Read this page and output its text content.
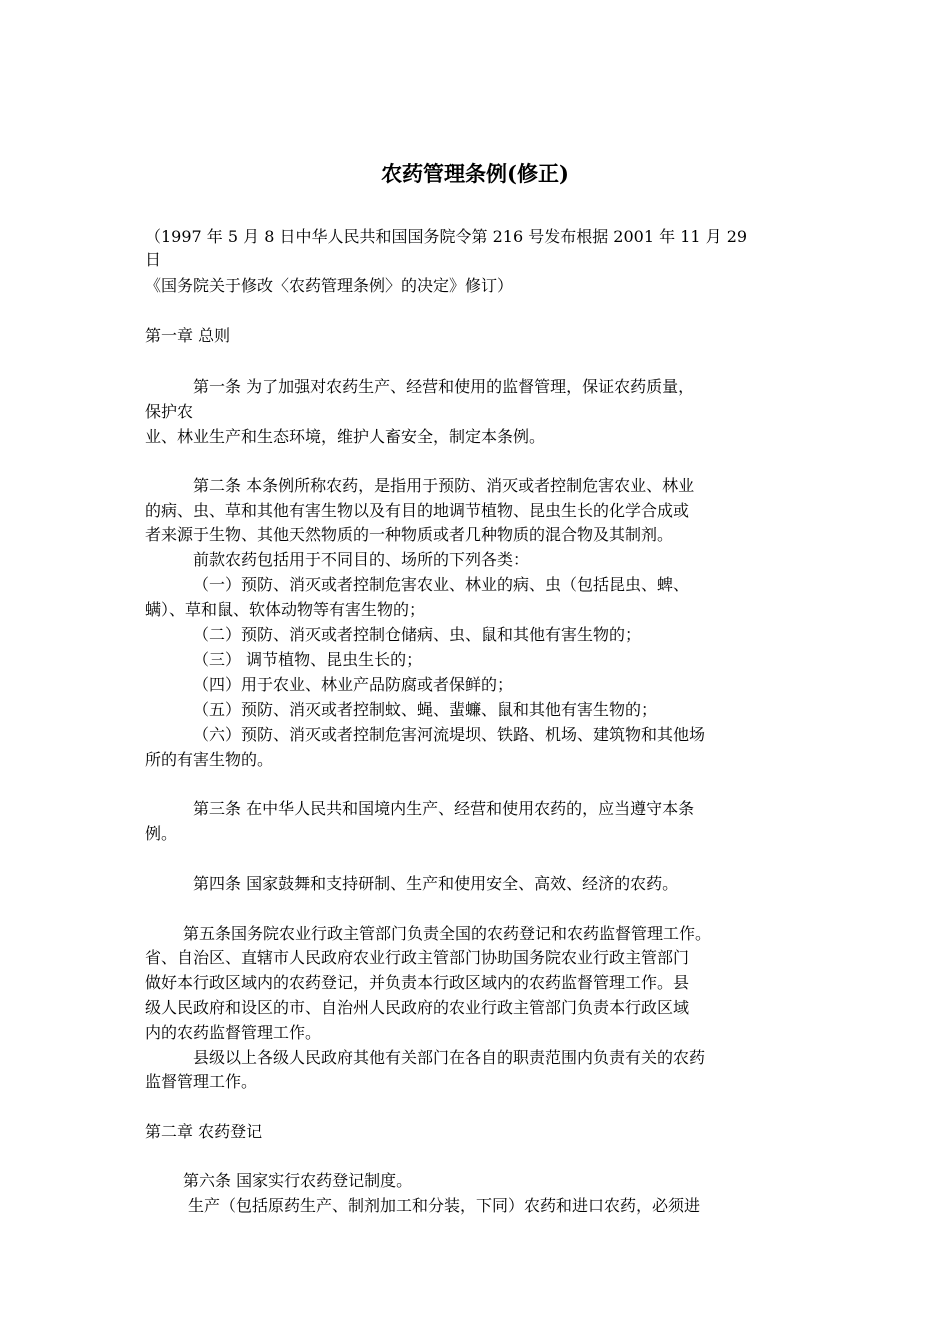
农药管理条例(修正)
（1997 年 5 月 8 日中华人民共和国国务院令第 216 号发布根据 2001 年 11 月 29
日
《国务院关于修改〈农药管理条例〉的决定》修订）
第一章 总则
第一条 为了加强对农药生产、经营和使用的监督管理，保证农药质量，
保护农
业、林业生产和生态环境，维护人畜安全，制定本条例。
第二条 本条例所称农药，是指用于预防、消灭或者控制危害农业、林业
的病、虫、草和其他有害生物以及有目的地调节植物、昆虫生长的化学合成或
者来源于生物、其他天然物质的一种物质或者几种物质的混合物及其制剂。
前款农药包括用于不同目的、场所的下列各类：
（一）预防、消灭或者控制危害农业、林业的病、虫（包括昆虫、蜱、
螨）、草和鼠、软体动物等有害生物的；
（二）预防、消灭或者控制仓储病、虫、鼠和其他有害生物的；
（三） 调节植物、昆虫生长的；
（四）用于农业、林业产品防腐或者保鲜的；
（五）预防、消灭或者控制蚊、蝇、蜚蠊、鼠和其他有害生物的；
（六）预防、消灭或者控制危害河流堤坝、铁路、机场、建筑物和其他场
所的有害生物的。
第三条 在中华人民共和国境内生产、经营和使用农药的，应当遵守本条
例。
第四条 国家鼓舞和支持研制、生产和使用安全、高效、经济的农药。
第五条国务院农业行政主管部门负责全国的农药登记和农药监督管理工作。
省、自治区、直辖市人民政府农业行政主管部门协助国务院农业行政主管部门
做好本行政区域内的农药登记，并负责本行政区域内的农药监督管理工作。县
级人民政府和设区的市、自治州人民政府的农业行政主管部门负责本行政区域
内的农药监督管理工作。
县级以上各级人民政府其他有关部门在各自的职责范围内负责有关的农药
监督管理工作。
第二章 农药登记
第六条 国家实行农药登记制度。
生产（包括原药生产、制剂加工和分装，下同）农药和进口农药，必须进
